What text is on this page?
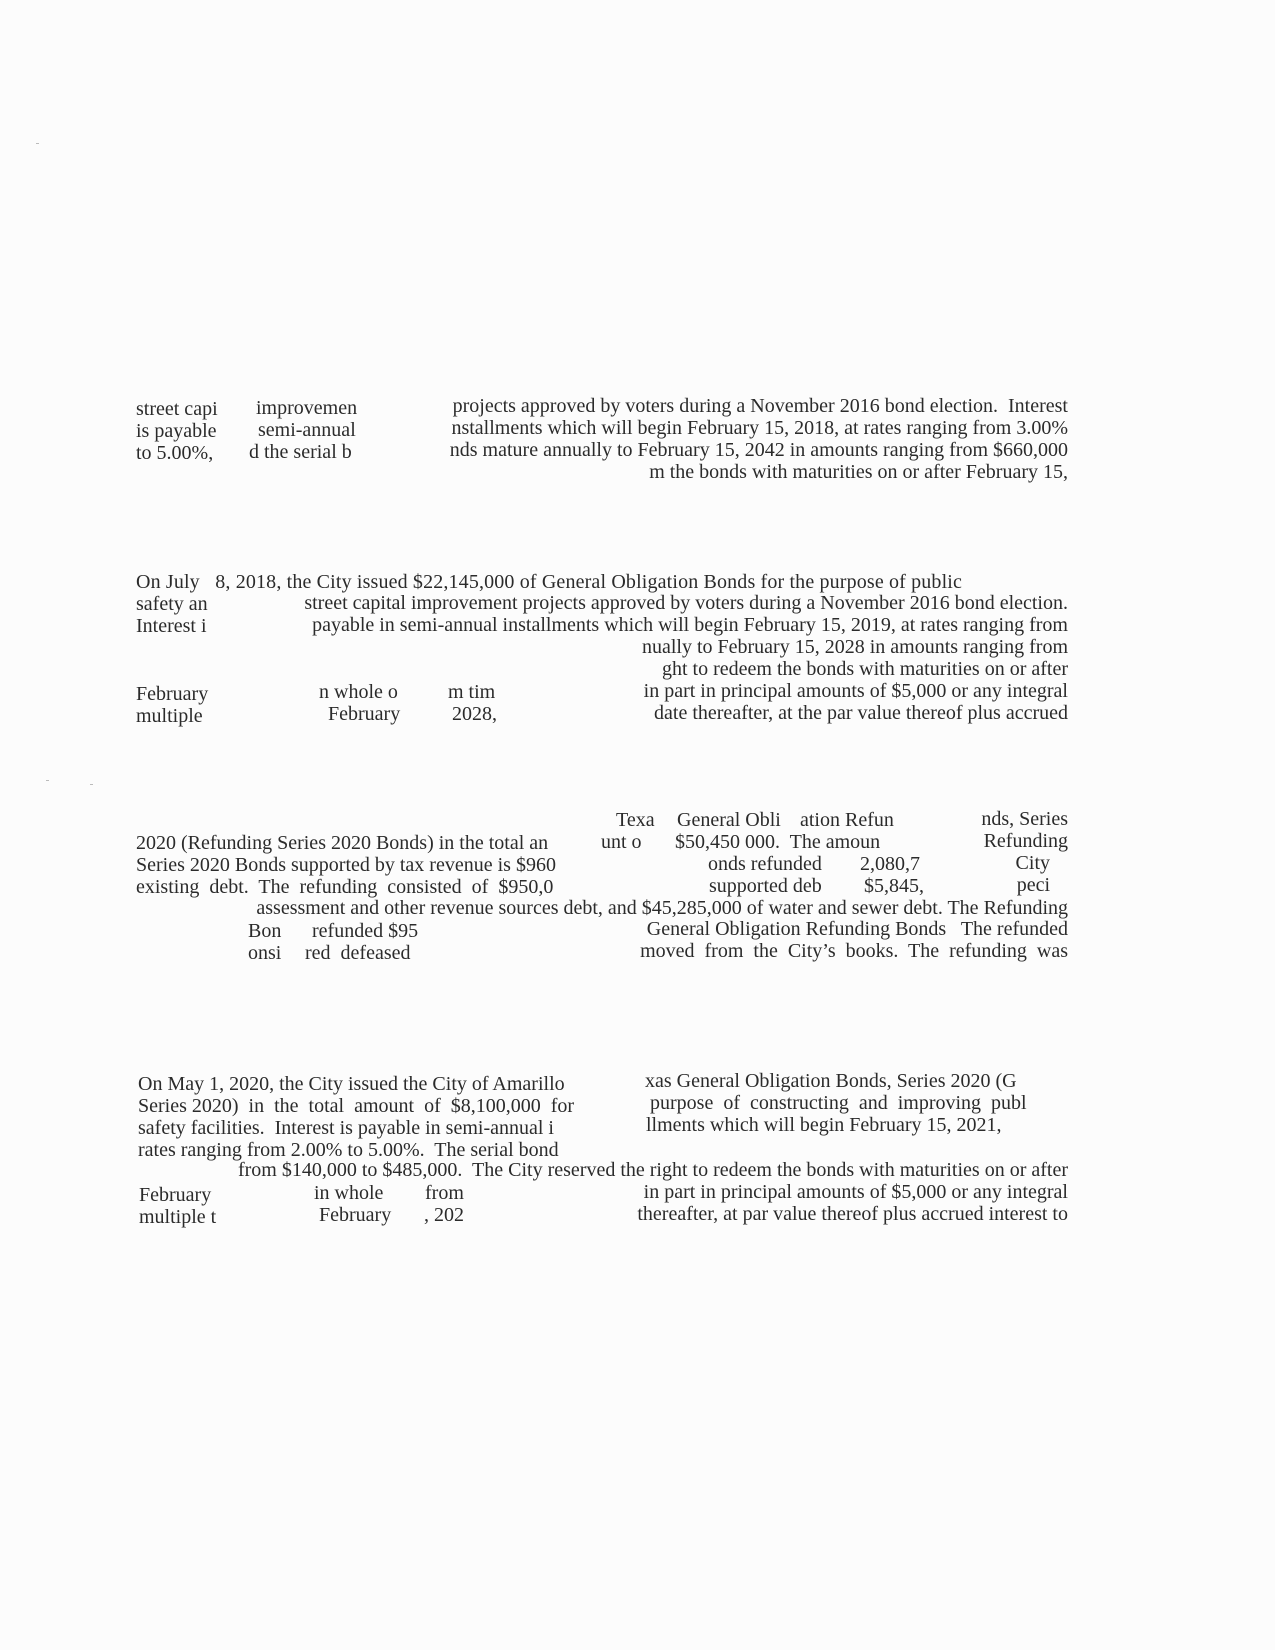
street capi
is payable
to 5.00%,
improvemen
semi-annual
d the serial b
projects approved by voters during a November 2016 bond election.  Interest
nstallments which will begin February 15, 2018, at rates ranging from 3.00%
nds mature annually to February 15, 2042 in amounts ranging from $660,000
m the bonds with maturities on or after February 15,
On July   8, 2018, the City issued $22,145,000 of General Obligation Bonds for the purpose of public
safety an	street capital improvement projects approved by voters during a November 2016 bond election.
Interest i	payable in semi-annual installments which will begin February 15, 2019, at rates ranging from
nually to February 15, 2028 in amounts ranging from
ght to redeem the bonds with maturities on or after
February	n whole o	m tim	in part in principal amounts of $5,000 or any integral
multiple	February	2028,	date thereafter, at the par value thereof plus accrued
Texa General Obli ation Refun	nds, Series
2020 (Refunding Series 2020 Bonds) in the total an	unt o $50,450 000.  The amoun	Refunding
Series 2020 Bonds supported by tax revenue is $960	onds refunded 2,080,7	City
existing  debt.  The  refunding  consisted  of  $950,0	supported deb $5,845,	peci
assessment and other revenue sources debt, and $45,285,000 of water and sewer debt. The Refunding
Bon refunded $95	General Obligation Refunding Bonds   The refunded
onsi red  defeased	moved  from  the  City’s  books.  The  refunding  was
On May 1, 2020, the City issued the City of Amarillo	xas General Obligation Bonds, Series 2020 (G
Series 2020)  in  the  total  amount  of  $8,100,000  for	purpose  of  constructing  and  improving  publ
safety facilities.  Interest is payable in semi-annual i	llments which will begin February 15, 2021,
rates ranging from 2.00% to 5.00%.  The serial bond
from $140,000 to $485,000.  The City reserved the right to redeem the bonds with maturities on or after
February	in whole from	in part in principal amounts of $5,000 or any integral
multiple t	February , 202	thereafter, at par value thereof plus accrued interest to
